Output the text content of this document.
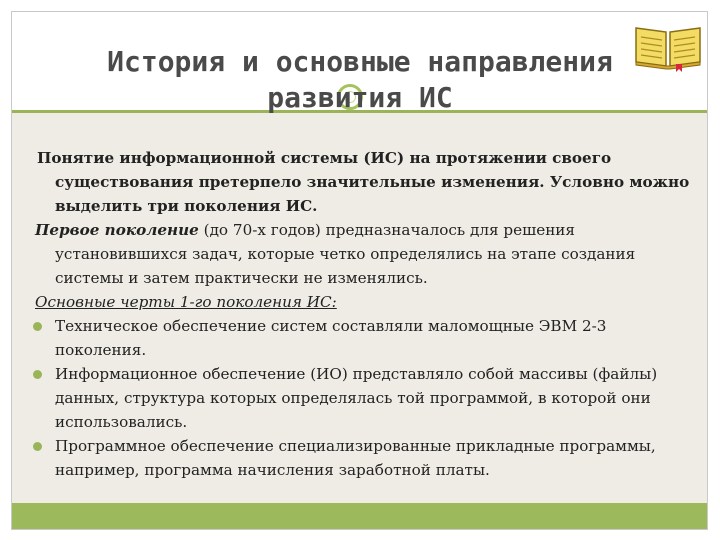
История и основные направления развития ИС

Понятие информационной системы (ИС) на протяжении своего существования претерпело значительные изменения. Условно можно выделить три поколения ИС.

Первое поколение (до 70-х годов) предназначалось для решения установившихся задач, которые четко определялись на этапе создания системы и затем практически не изменялись.

Основные черты 1-го поколения ИС:

Техническое обеспечение систем составляли маломощные ЭВМ 2-3 поколения.

Информационное обеспечение (ИО) представляло собой массивы (файлы) данных, структура которых определялась той программой, в которой они использовались.

Программное обеспечение специализированные прикладные программы, например, программа начисления заработной платы.
